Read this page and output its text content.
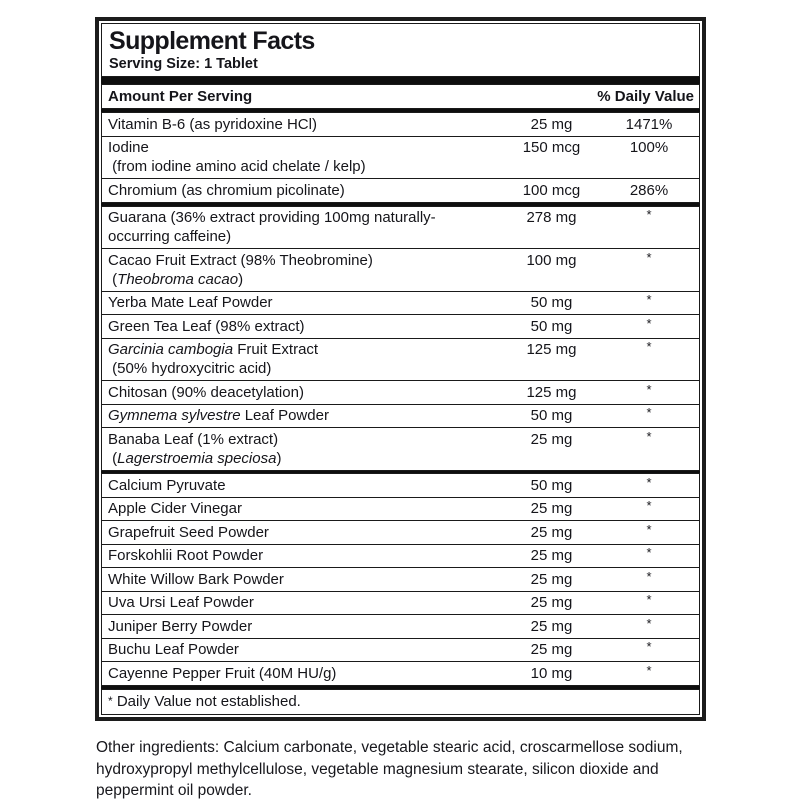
Supplement Facts
Serving Size: 1 Tablet
Amount Per Serving	% Daily Value
Vitamin B-6 (as pyridoxine HCl)	25 mg	1471%
Iodine
(from iodine amino acid chelate / kelp)
150 mcg	100%
Chromium (as chromium picolinate)	100 mcg	286%
Guarana (36% extract providing 100mg naturally-
occurring caffeine)
278 mg	*
Cacao Fruit Extract (98% Theobromine)
(Theobroma cacao)
100 mg	*
Yerba Mate Leaf Powder	50 mg	*
Green Tea Leaf (98% extract)	50 mg	*
Garcinia cambogia Fruit Extract
(50% hydroxycitric acid)
125 mg	*
Chitosan (90% deacetylation)	125 mg	*
Gymnema sylvestre Leaf Powder	50 mg	*
Banaba Leaf (1% extract)
(Lagerstroemia speciosa)
25 mg	*
Calcium Pyruvate	50 mg	*
Apple Cider Vinegar	25 mg	*
Grapefruit Seed Powder	25 mg	*
Forskohlii Root Powder	25 mg	*
White Willow Bark Powder	25 mg	*
Uva Ursi Leaf Powder	25 mg	*
Juniper Berry Powder	25 mg	*
Buchu Leaf Powder	25 mg	*
Cayenne Pepper Fruit (40M HU/g)	10 mg	*
* Daily Value not established.
Other ingredients: Calcium carbonate, vegetable stearic acid, croscarmellose sodium, hydroxypropyl methylcellulose, vegetable magnesium stearate, silicon dioxide and peppermint oil powder.
